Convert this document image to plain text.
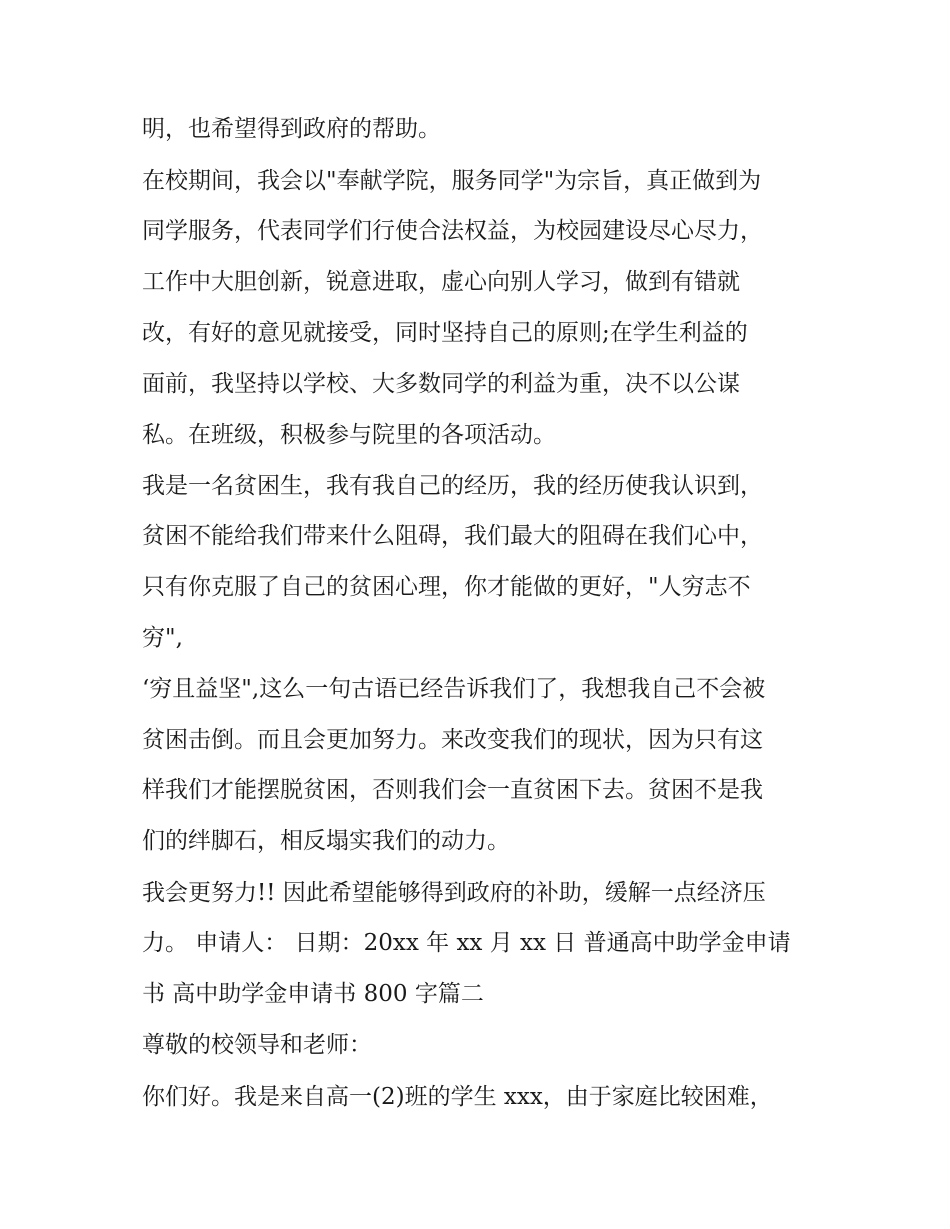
明，也希望得到政府的帮助。

在校期间，我会以"奉献学院，服务同学"为宗旨，真正做到为

同学服务，代表同学们行使合法权益，为校园建设尽心尽力，

工作中大胆创新，锐意进取，虚心向别人学习，做到有错就

改，有好的意见就接受，同时坚持自己的原则;在学生利益的

面前，我坚持以学校、大多数同学的利益为重，决不以公谋

私。在班级，积极参与院里的各项活动。

我是一名贫困生，我有我自己的经历，我的经历使我认识到，

贫困不能给我们带来什么阻碍，我们最大的阻碍在我们心中，

只有你克服了自己的贫困心理，你才能做的更好，"人穷志不

穷",

‘穷且益坚",这么一句古语已经告诉我们了，我想我自己不会被

贫困击倒。而且会更加努力。来改变我们的现状，因为只有这

样我们才能摆脱贫困，否则我们会一直贫困下去。贫困不是我

们的绊脚石，相反塌实我们的动力。

我会更努力!! 因此希望能够得到政府的补助，缓解一点经济压

力。 申请人： 日期：20xx 年 xx 月 xx 日 普通高中助学金申请

书 高中助学金申请书 800 字篇二

尊敬的校领导和老师：

你们好。我是来自高一(2)班的学生 xxx，由于家庭比较困难，
